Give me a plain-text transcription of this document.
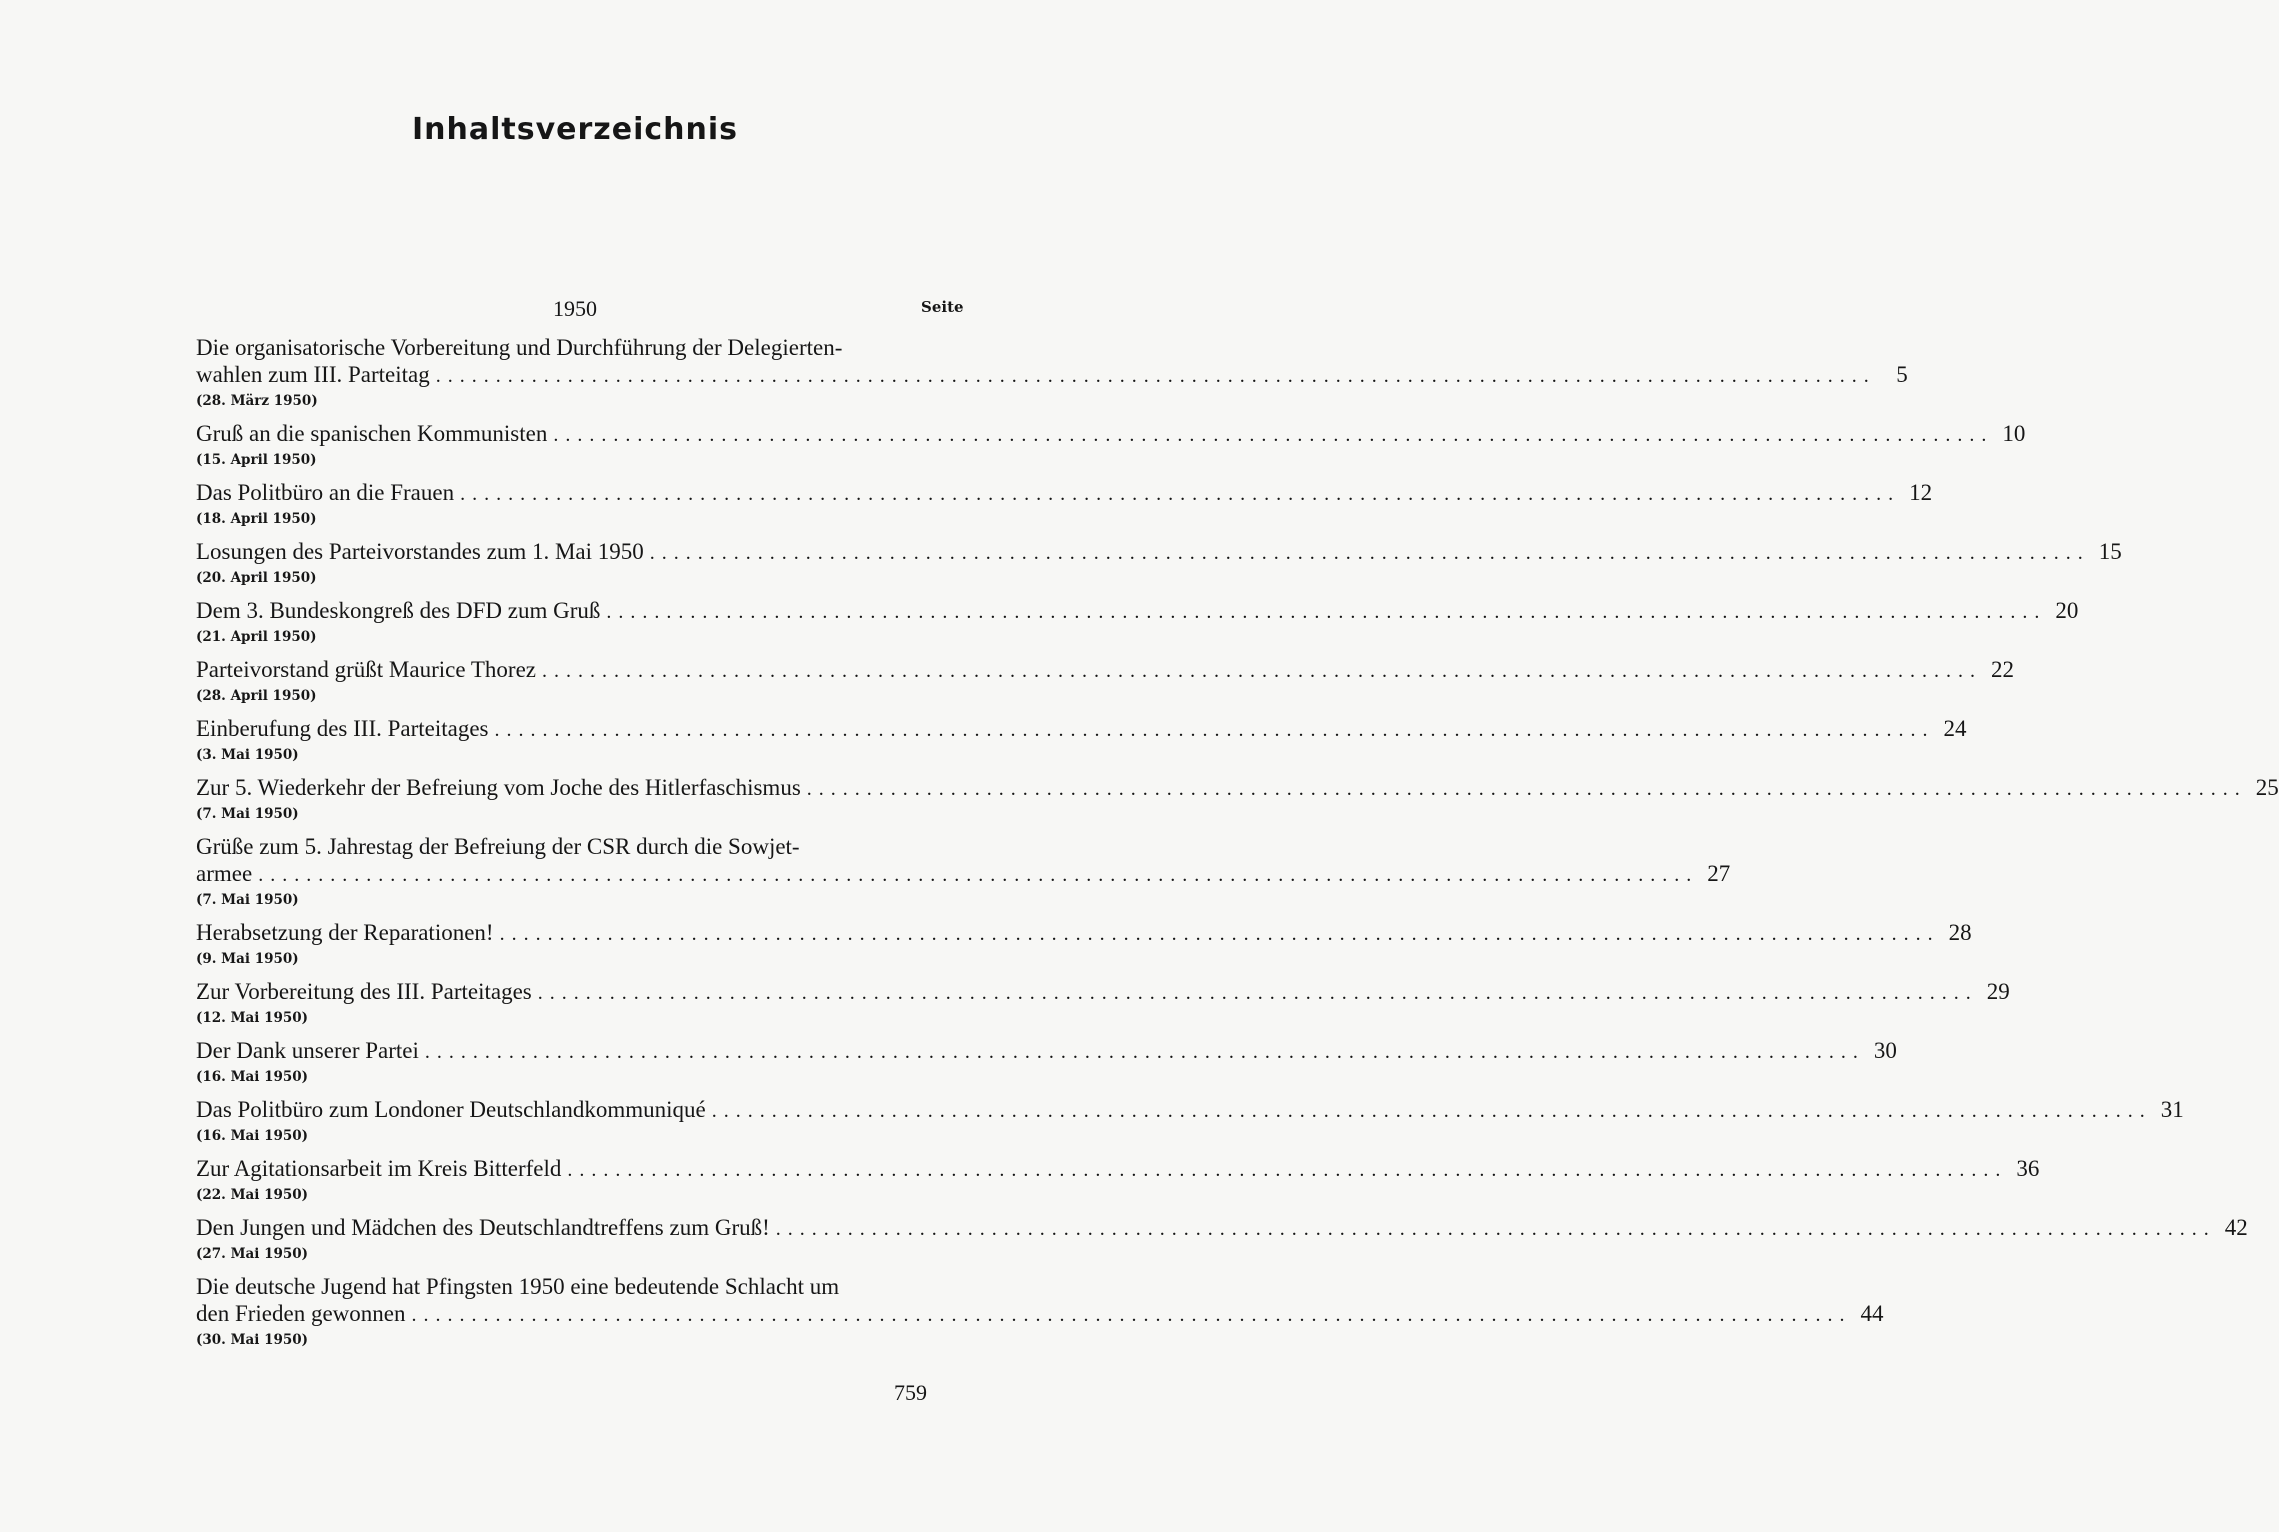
Inhaltsverzeichnis
1950	Seite
Die organisatorische Vorbereitung und Durchführung der Delegierten-
wahlen zum III. Parteitag ........................................................................................................................ 5
(28. März 1950)
Gruß an die spanischen Kommunisten ........................................................................................................................ 10
(15. April 1950)
Das Politbüro an die Frauen ........................................................................................................................ 12
(18. April 1950)
Losungen des Parteivorstandes zum 1. Mai 1950 ........................................................................................................................ 15
(20. April 1950)
Dem 3. Bundeskongreß des DFD zum Gruß ........................................................................................................................ 20
(21. April 1950)
Parteivorstand grüßt Maurice Thorez ........................................................................................................................ 22
(28. April 1950)
Einberufung des III. Parteitages ........................................................................................................................ 24
(3. Mai 1950)
Zur 5. Wiederkehr der Befreiung vom Joche des Hitlerfaschismus ........................................................................................................................ 25
(7. Mai 1950)
Grüße zum 5. Jahrestag der Befreiung der CSR durch die Sowjet-
armee ........................................................................................................................ 27
(7. Mai 1950)
Herabsetzung der Reparationen! ........................................................................................................................ 28
(9. Mai 1950)
Zur Vorbereitung des III. Parteitages ........................................................................................................................ 29
(12. Mai 1950)
Der Dank unserer Partei ........................................................................................................................ 30
(16. Mai 1950)
Das Politbüro zum Londoner Deutschlandkommuniqué ........................................................................................................................ 31
(16. Mai 1950)
Zur Agitationsarbeit im Kreis Bitterfeld ........................................................................................................................ 36
(22. Mai 1950)
Den Jungen und Mädchen des Deutschlandtreffens zum Gruß! ........................................................................................................................ 42
(27. Mai 1950)
Die deutsche Jugend hat Pfingsten 1950 eine bedeutende Schlacht um
den Frieden gewonnen ........................................................................................................................ 44
(30. Mai 1950)
759
